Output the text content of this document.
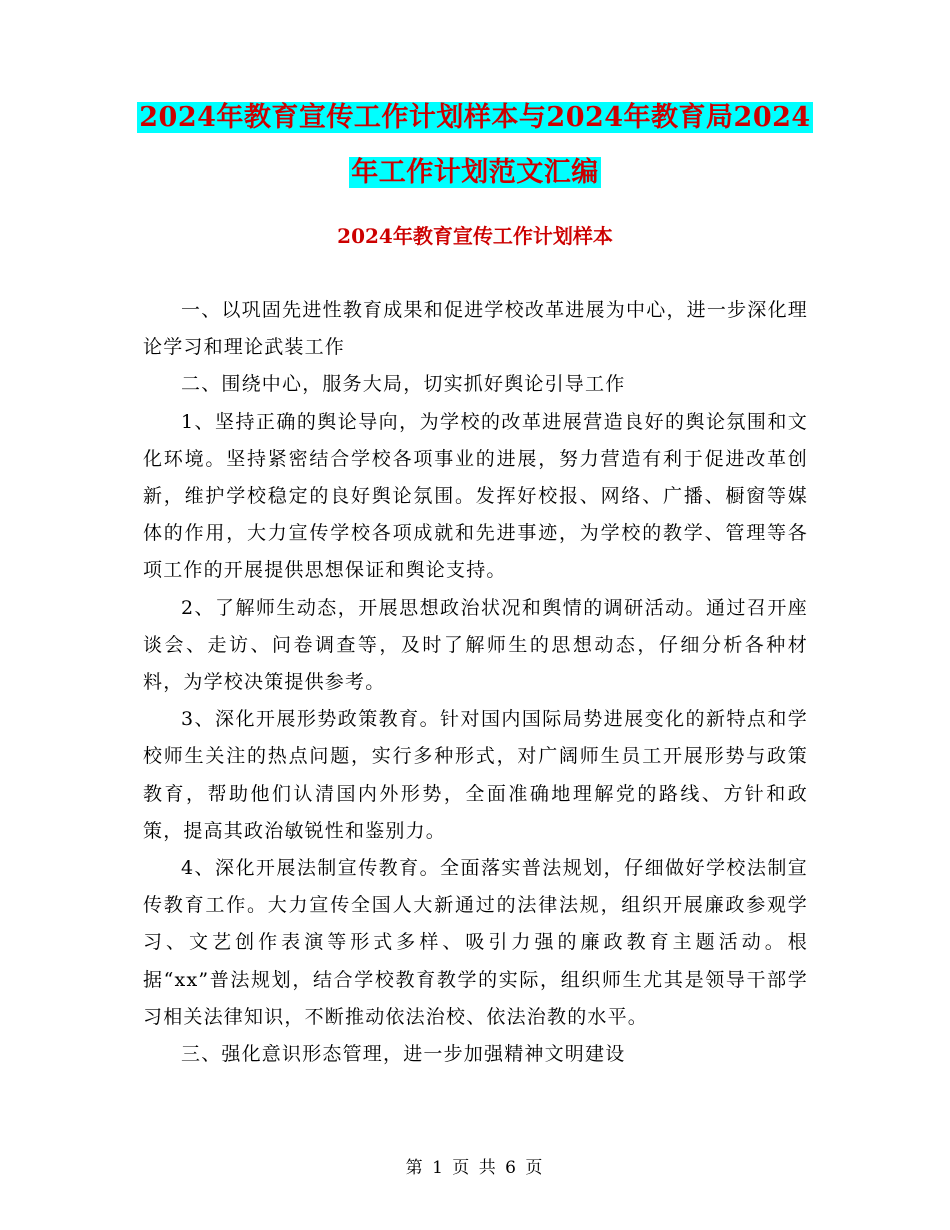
2024年教育宣传工作计划样本与2024年教育局2024
年工作计划范文汇编
2024年教育宣传工作计划样本

一、以巩固先进性教育成果和促进学校改革进展为中心，进一步深化理论学习和理论武装工作

二、围绕中心，服务大局，切实抓好舆论引导工作

1、坚持正确的舆论导向，为学校的改革进展营造良好的舆论氛围和文化环境。坚持紧密结合学校各项事业的进展，努力营造有利于促进改革创新，维护学校稳定的良好舆论氛围。发挥好校报、网络、广播、橱窗等媒体的作用，大力宣传学校各项成就和先进事迹，为学校的教学、管理等各项工作的开展提供思想保证和舆论支持。

2、了解师生动态，开展思想政治状况和舆情的调研活动。通过召开座谈会、走访、问卷调查等，及时了解师生的思想动态，仔细分析各种材料，为学校决策提供参考。

3、深化开展形势政策教育。针对国内国际局势进展变化的新特点和学校师生关注的热点问题，实行多种形式，对广阔师生员工开展形势与政策教育，帮助他们认清国内外形势，全面准确地理解党的路线、方针和政策，提高其政治敏锐性和鉴别力。

4、深化开展法制宣传教育。全面落实普法规划，仔细做好学校法制宣传教育工作。大力宣传全国人大新通过的法律法规，组织开展廉政参观学习、文艺创作表演等形式多样、吸引力强的廉政教育主题活动。根据“xx”普法规划，结合学校教育教学的实际，组织师生尤其是领导干部学习相关法律知识，不断推动依法治校、依法治教的水平。

三、强化意识形态管理，进一步加强精神文明建设

第 1 页 共 6 页
